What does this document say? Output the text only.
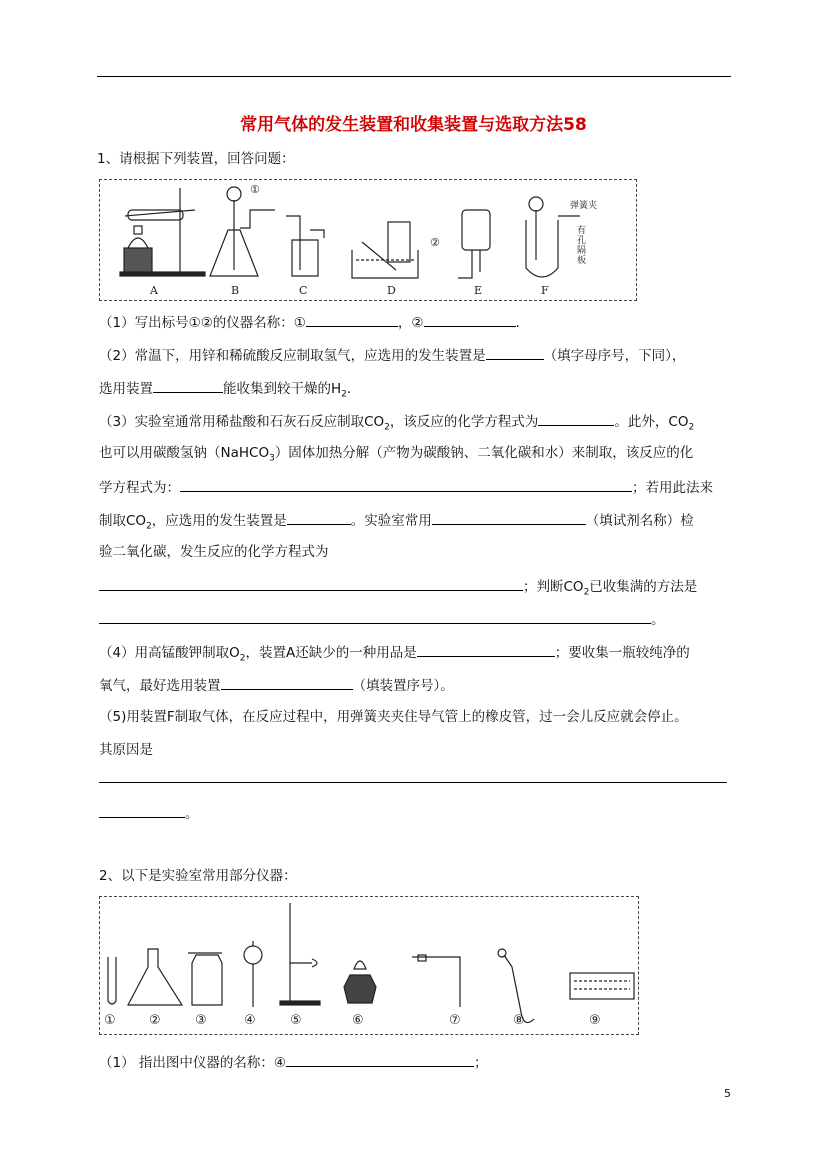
常用气体的发生装置和收集装置与选取方法58
1、请根据下列装置，回答问题：
①
②
弹簧夹
有孔隔板
A	B	C	D	E	F
（1）写出标号①②的仪器名称：①	，②	.
（2）常温下，用锌和稀硫酸反应制取氢气，应选用的发生装置是	（填字母序号，下同），
选用装置	能收集到较干燥的$H_2$.
（3）实验室通常用稀盐酸和石灰石反应制取$CO_2$，该反应的化学方程式为	。此外，$CO_2$
也可以用碳酸氢钠（NaHCO$_3$）固体加热分解（产物为碳酸钠、二氧化碳和水）来制取，该反应的化
学方程式为：	；若用此法来
制取$CO_2$，应选用的发生装置是	。实验室常用	（填试剂名称）检
验二氧化碳，发生反应的化学方程式为
；判断$CO_2$已收集满的方法是
。
（4）用高锰酸钾制取$O_2$，装置A还缺少的一种用品是	；要收集一瓶较纯净的
氧气，最好选用装置	（填装置序号）。
（5)用装置F制取气体，在反应过程中，用弹簧夹夹住导气管上的橡皮管，过一会儿反应就会停止。
其原因是
。
2、以下是实验室常用部分仪器：
①	②	③	④	⑤	⑥	⑦	⑧	⑨
（1） 指出图中仪器的名称：④	；
5
